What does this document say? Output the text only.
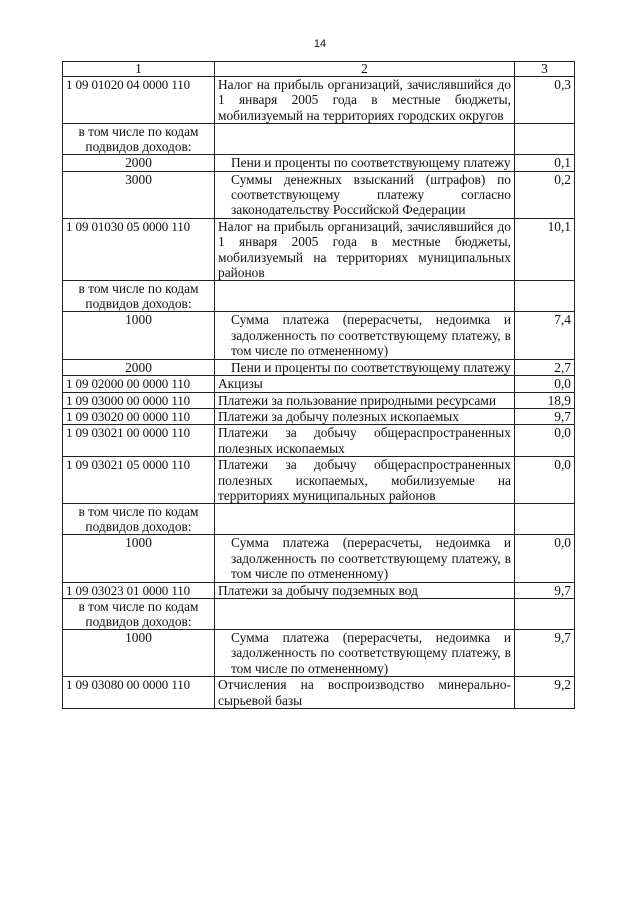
14
1	2	3
1 09 01020 04 0000 110	Налог на прибыль организаций, зачислявшийся до 1 января 2005 года в местные бюджеты, мобилизуемый на территориях городских округов	0,3
в том числе по кодам подвидов доходов:		
2000	Пени и проценты по соответствующему платежу	0,1
3000	Суммы денежных взысканий (штрафов) по соответствующему платежу согласно законодательству Российской Федерации	0,2
1 09 01030 05 0000 110	Налог на прибыль организаций, зачислявшийся до 1 января 2005 года в местные бюджеты, мобилизуемый на территориях муниципальных районов	10,1
в том числе по кодам подвидов доходов:		
1000	Сумма платежа (перерасчеты, недоимка и задолженность по соответствующему платежу, в том числе по отмененному)	7,4
2000	Пени и проценты по соответствующему платежу	2,7
1 09 02000 00 0000 110	Акцизы	0,0
1 09 03000 00 0000 110	Платежи за пользование природными ресурсами	18,9
1 09 03020 00 0000 110	Платежи за добычу полезных ископаемых	9,7
1 09 03021 00 0000 110	Платежи за добычу общераспространенных полезных ископаемых	0,0
1 09 03021 05 0000 110	Платежи за добычу общераспространенных полезных ископаемых, мобилизуемые на территориях муниципальных районов	0,0
в том числе по кодам подвидов доходов:		
1000	Сумма платежа (перерасчеты, недоимка и задолженность по соответствующему платежу, в том числе по отмененному)	0,0
1 09 03023 01 0000 110	Платежи за добычу подземных вод	9,7
в том числе по кодам подвидов доходов:		
1000	Сумма платежа (перерасчеты, недоимка и задолженность по соответствующему платежу, в том числе по отмененному)	9,7
1 09 03080 00 0000 110	Отчисления на воспроизводство минерально-сырьевой базы	9,2
